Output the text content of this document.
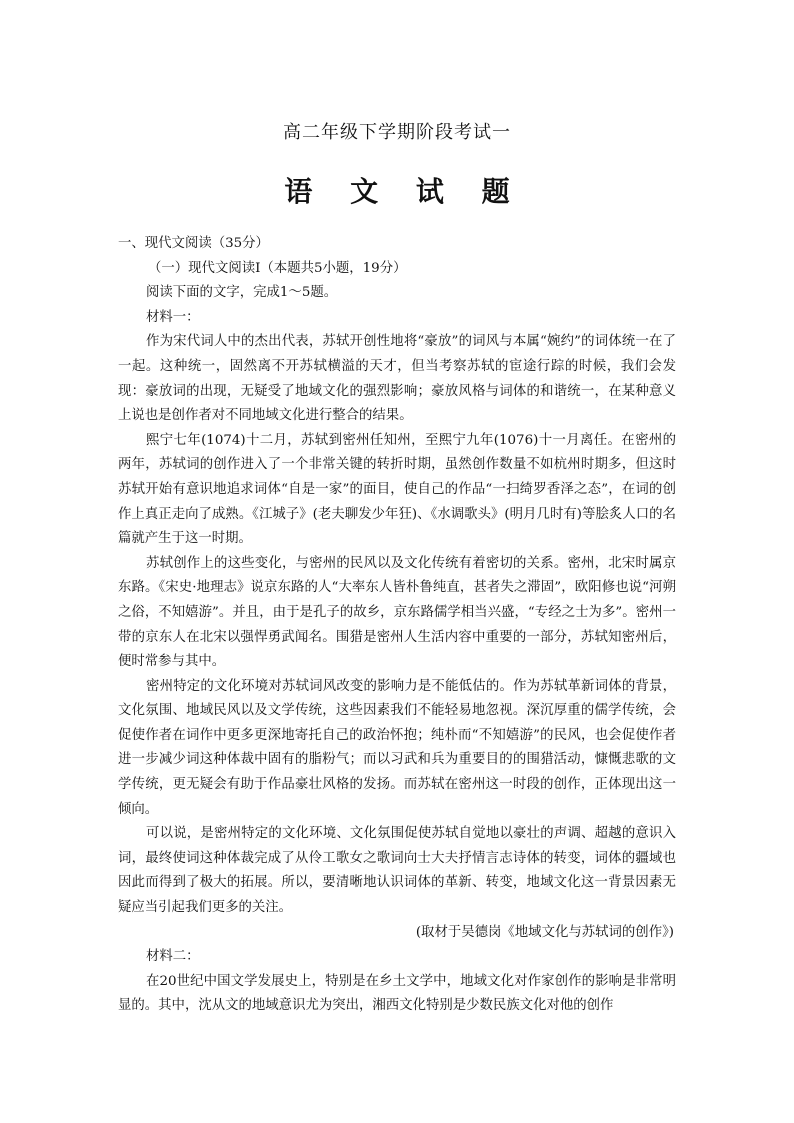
高二年级下学期阶段考试一
语 文 试 题

一、现代文阅读（35分）

（一）现代文阅读Ⅰ（本题共5小题，19分）

阅读下面的文字，完成1～5题。

材料一：

作为宋代词人中的杰出代表，苏轼开创性地将“豪放”的词风与本属“婉约”的词体统一在了一起。这种统一，固然离不开苏轼横溢的天才，但当考察苏轼的宦途行踪的时候，我们会发现：豪放词的出现，无疑受了地域文化的强烈影响；豪放风格与词体的和谐统一，在某种意义上说也是创作者对不同地域文化进行整合的结果。

熙宁七年(1074)十二月，苏轼到密州任知州，至熙宁九年(1076)十一月离任。在密州的两年，苏轼词的创作进入了一个非常关键的转折时期，虽然创作数量不如杭州时期多，但这时苏轼开始有意识地追求词体“自是一家”的面目，使自己的作品“一扫绮罗香泽之态”，在词的创作上真正走向了成熟。《江城子》(老夫聊发少年狂)、《水调歌头》(明月几时有)等脍炙人口的名篇就产生于这一时期。

苏轼创作上的这些变化，与密州的民风以及文化传统有着密切的关系。密州，北宋时属京东路。《宋史·地理志》说京东路的人“大率东人皆朴鲁纯直，甚者失之滞固”，欧阳修也说“河朔之俗，不知嬉游”。并且，由于是孔子的故乡，京东路儒学相当兴盛，“专经之士为多”。密州一带的京东人在北宋以强悍勇武闻名。围猎是密州人生活内容中重要的一部分，苏轼知密州后，便时常参与其中。

密州特定的文化环境对苏轼词风改变的影响力是不能低估的。作为苏轼革新词体的背景，文化氛围、地域民风以及文学传统，这些因素我们不能轻易地忽视。深沉厚重的儒学传统，会促使作者在词作中更多更深地寄托自己的政治怀抱；纯朴而“不知嬉游”的民风，也会促使作者进一步减少词这种体裁中固有的脂粉气；而以习武和兵为重要目的的围猎活动，慷慨悲歌的文学传统，更无疑会有助于作品豪壮风格的发扬。而苏轼在密州这一时段的创作，正体现出这一倾向。

可以说，是密州特定的文化环境、文化氛围促使苏轼自觉地以豪壮的声调、超越的意识入词，最终使词这种体裁完成了从伶工歌女之歌词向士大夫抒情言志诗体的转变，词体的疆域也因此而得到了极大的拓展。所以，要清晰地认识词体的革新、转变，地域文化这一背景因素无疑应当引起我们更多的关注。

(取材于吴德岗《地域文化与苏轼词的创作》)

材料二：

在20世纪中国文学发展史上，特别是在乡土文学中，地域文化对作家创作的影响是非常明显的。其中，沈从文的地域意识尤为突出，湘西文化特别是少数民族文化对他的创作
